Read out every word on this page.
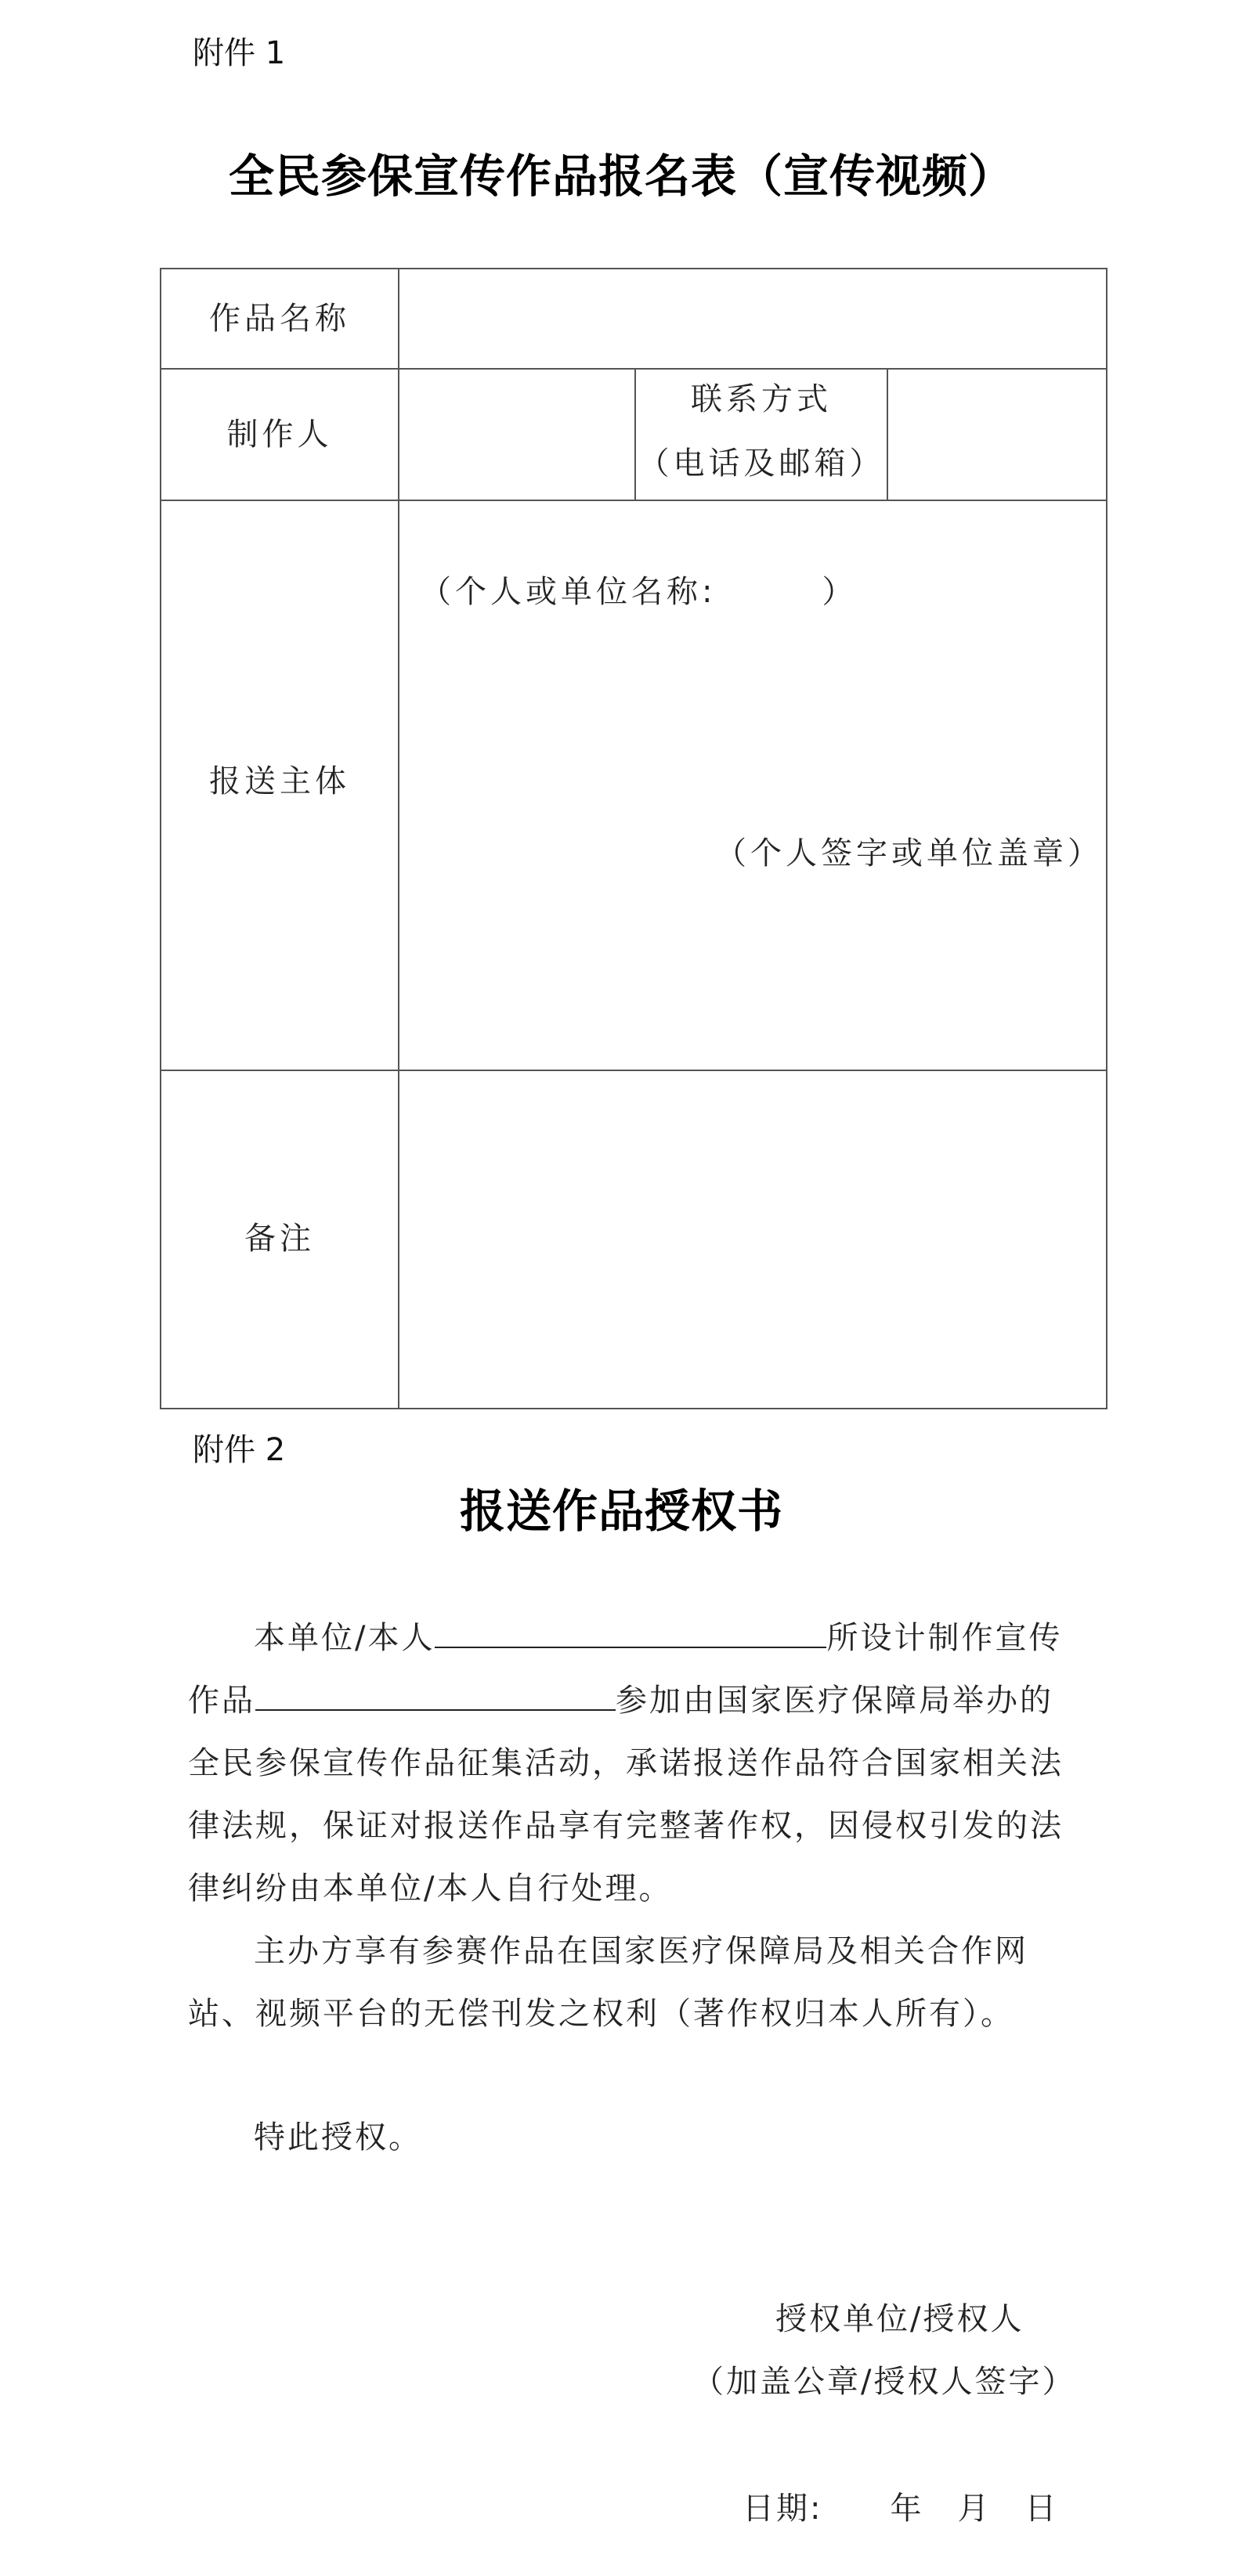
附件 1
全民参保宣传作品报名表（宣传视频）
作品名称
制作人
联系方式
（电话及邮箱）
报送主体
（个人或单位名称:　　　）
（个人签字或单位盖章）
备注
附件 2
报送作品授权书
本单位/本人	所设计制作宣传
作品	参加由国家医疗保障局举办的
全民参保宣传作品征集活动，承诺报送作品符合国家相关法
律法规，保证对报送作品享有完整著作权，因侵权引发的法
律纠纷由本单位/本人自行处理。
主办方享有参赛作品在国家医疗保障局及相关合作网
站、视频平台的无偿刊发之权利（著作权归本人所有）。
特此授权。
授权单位/授权人
（加盖公章/授权人签字）
日期:　　年　月　日
